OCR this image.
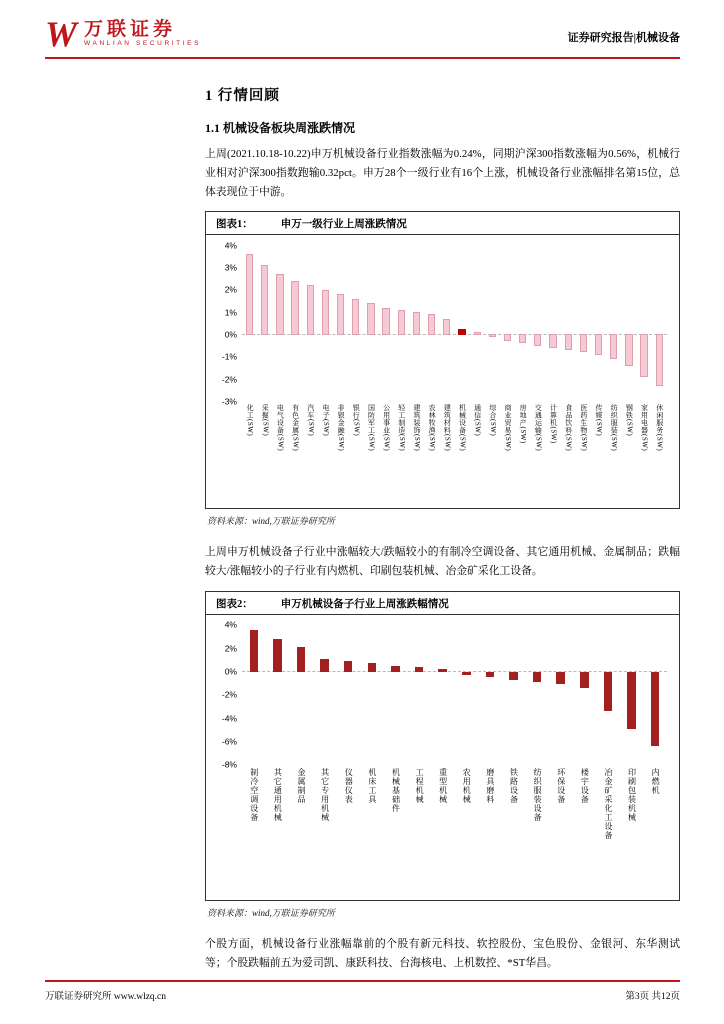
W 万联证券
WANLIAN SECURITIES	证券研究报告|机械设备
1 行情回顾
1.1 机械设备板块周涨跌情况

上周(2021.10.18-10.22)申万机械设备行业指数涨幅为0.24%，同期沪深300指数涨幅为0.56%，机械行业相对沪深300指数跑输0.32pct。申万28个一级行业有16个上涨，机械设备行业涨幅排名第15位，总体表现位于中游。

图表1：	申万一级行业上周涨跌情况
4%
3%
2%
1%
0%
-1%
-2%
-3%
化工(SW) 采掘(SW) 电气设备(SW) 有色金属(SW) 汽车(SW) 电子(SW) 非银金融(SW) 银行(SW) 国防军工(SW) 公用事业(SW) 轻工制造(SW) 建筑装饰(SW) 农林牧渔(SW) 建筑材料(SW) 机械设备(SW) 通信(SW) 综合(SW) 商业贸易(SW) 房地产(SW) 交通运输(SW) 计算机(SW) 食品饮料(SW) 医药生物(SW) 传媒(SW) 纺织服装(SW) 钢铁(SW) 家用电器(SW) 休闲服务(SW)
资料来源：wind,万联证券研究所

上周申万机械设备子行业中涨幅较大/跌幅较小的有制冷空调设备、其它通用机械、金属制品；跌幅较大/涨幅较小的子行业有内燃机、印刷包装机械、冶金矿采化工设备。

图表2：	申万机械设备子行业上周涨跌幅情况
4%
2%
0%
-2%
-4%
-6%
-8%
制冷空调设备 其它通用机械 金属制品 其它专用机械 仪器仪表 机床工具 机械基础件 工程机械 重型机械 农用机械 磨具磨料 铁路设备 纺织服装设备 环保设备 楼宇设备 冶金矿采化工设备 印刷包装机械 内燃机
资料来源：wind,万联证券研究所

个股方面，机械设备行业涨幅靠前的个股有新元科技、软控股份、宝色股份、金银河、东华测试等；个股跌幅前五为爱司凯、康跃科技、台海核电、上机数控、*ST华昌。

万联证券研究所 www.wlzq.cn	第3页 共12页
